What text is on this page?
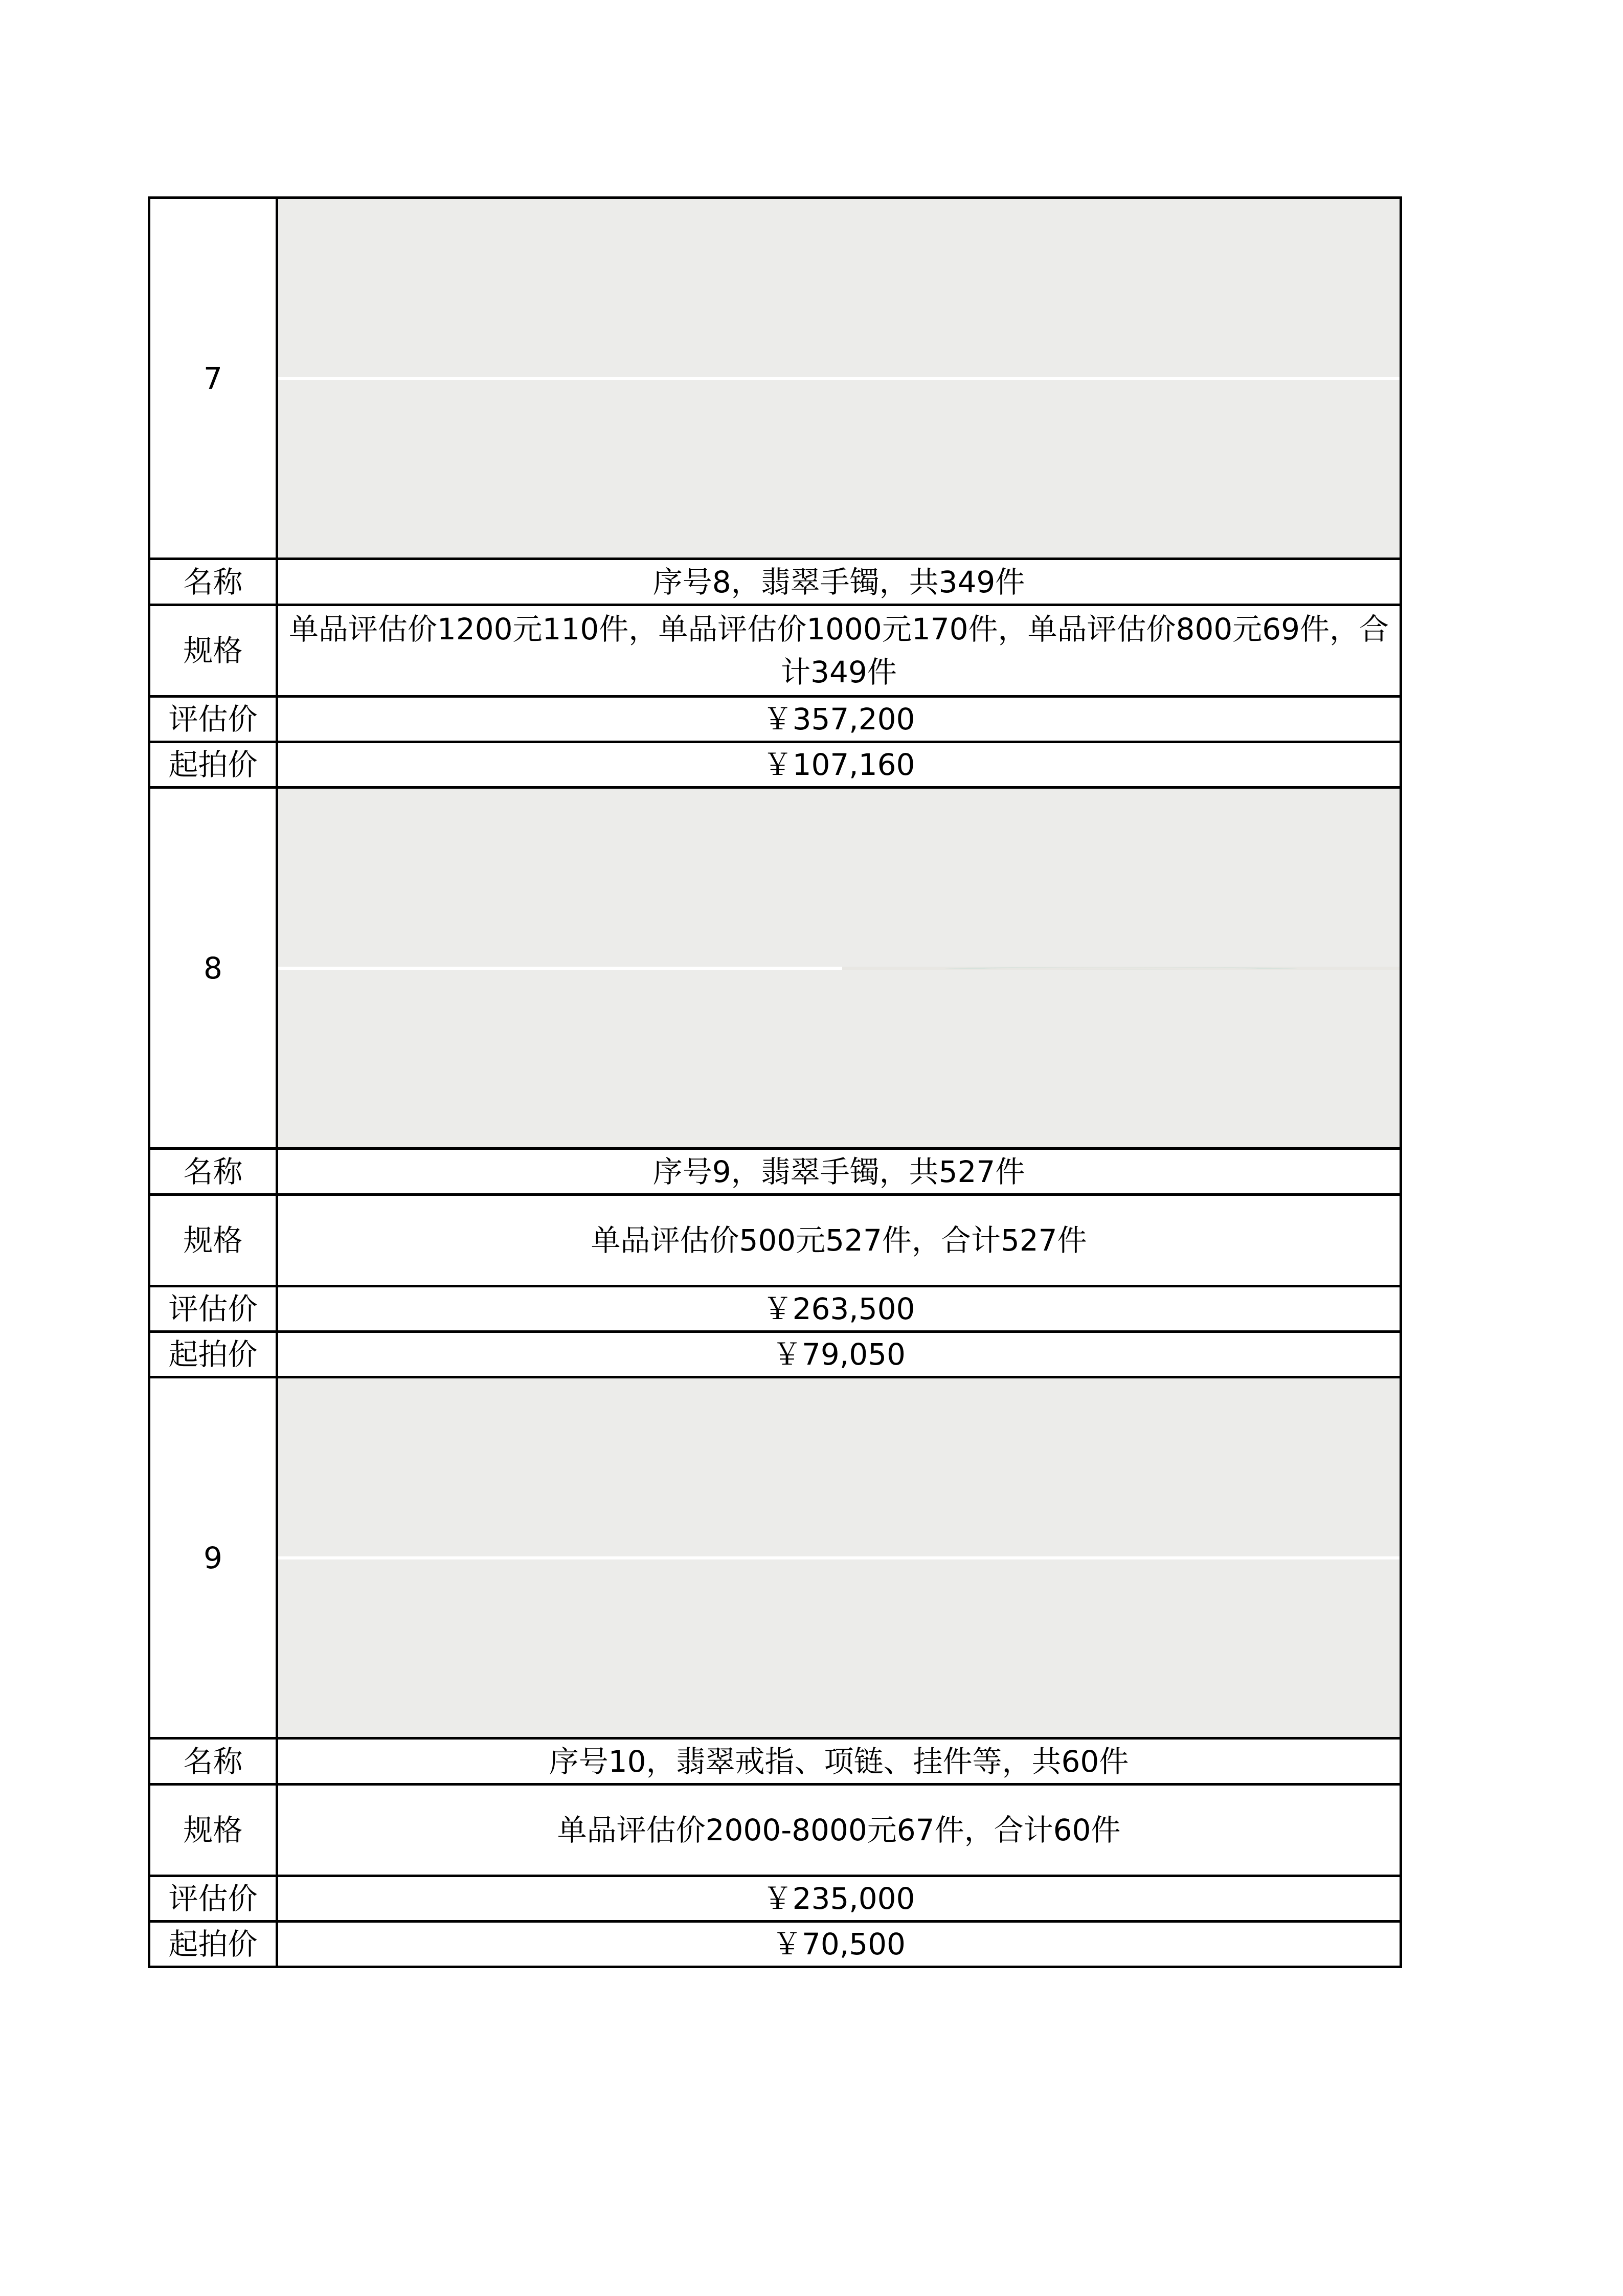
7	

名称	序号8，翡翠手镯，共349件
规格	单品评估价1200元110件，单品评估价1000元170件，单品评估价800元69件，合计349件
评估价	￥357,200
起拍价	￥107,160
8	

名称	序号9，翡翠手镯，共527件
规格	单品评估价500元527件，合计527件
评估价	￥263,500
起拍价	￥79,050
9	

名称	序号10，翡翠戒指、项链、挂件等，共60件
规格	单品评估价2000-8000元67件，合计60件
评估价	￥235,000
起拍价	￥70,500
